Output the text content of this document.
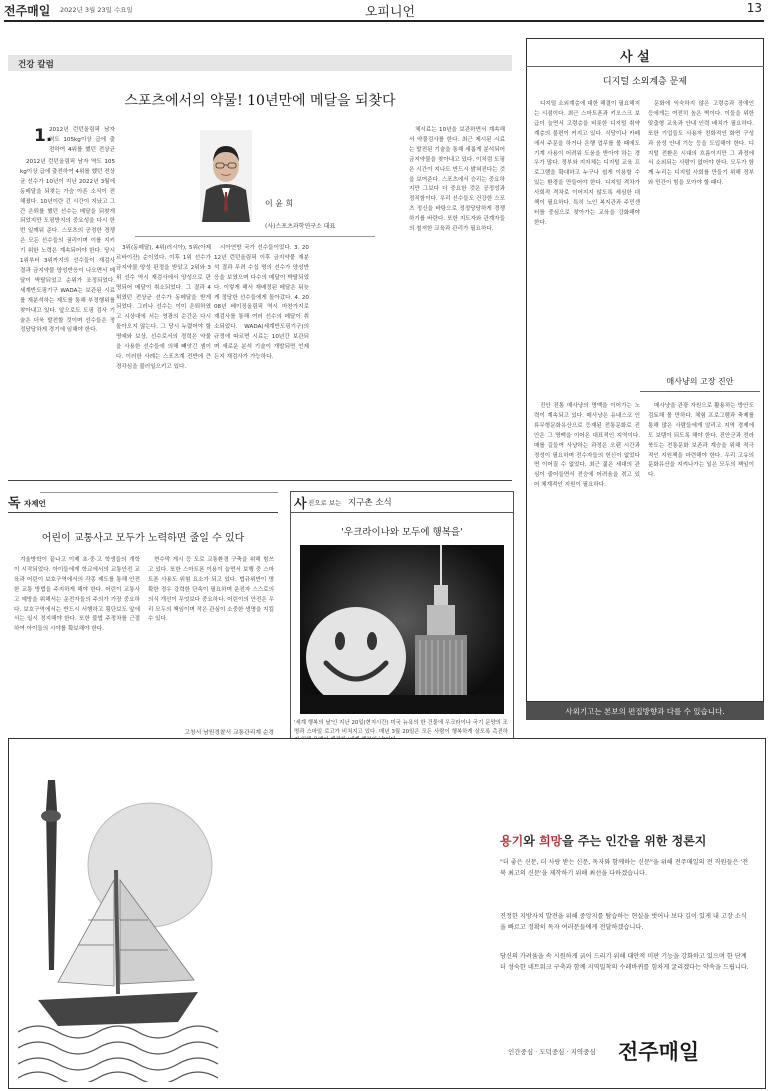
전주매일 2022년 3월 23일 수요일	오피니언	13
건강 칼럼
스포츠에서의 약물! 10년만에 메달을 되찾다
1.

2012년 런던올림픽 남자 역도 105kg이상 급에 출전하여 4위를 했던 전상균

2012년 런던올림픽 남자 역도 105kg이상 급에 출전하여 4위를 했던 전상균 선수가 10년이 지난 2022년 3월에 동메달을 되찾는 가슴 아픈 소식이 전해졌다. 10년이란 긴 시간이 지났고 그간 은퇴를 했던 선수는 메달을 되찾게 되었지만 도핑방지의 중요성을 다시 한번 일깨워 준다. 스포츠의 공정한 경쟁은 모든 선수들의 권리이며 이를 지키기 위한 노력은 계속되어야 한다. 당시 1위부터 3위까지의 선수들이 재검사 결과 금지약물 양성반응이 나오면서 메달이 박탈되었고 순위가 조정되었다. 세계반도핑기구 WADA는 보관된 시료를 재분석하는 제도를 통해 부정행위를 찾아내고 있다. 앞으로도 도핑 검사 기술은 더욱 발전할 것이며 선수들은 정정당당하게 경기에 임해야 한다.

이 윤 희
(사)스포츠과학연구소 대표

3위(동메달), 4위(러시아), 5위(아제르바이잔) 순이었다. 이후 1위 선수가 금지약물 양성 판정을 받았고 2위와 3위 선수 역시 재검사에서 양성으로 판명되어 메달이 취소되었다. 그 결과 4위였던 전상균 선수가 동메달을 받게 되었다. 그러나 선수는 이미 은퇴하였고 시상대에 서는 영광의 순간은 다시 돌아오지 않는다. 그 당시 누렸어야 할 명예와 보상, 선수로서의 경력은 약물을 사용한 선수들에 의해 빼앗긴 셈이다. 이러한 사례는 스포츠계 전반에 큰 경각심을 불러일으키고 있다.

시아연방 국가 선수들이었다. 3. 2012년 런던올림픽 이후 금지약물 재분석 결과 무려 수십 명의 선수가 양성반응을 보였으며 다수의 메달이 박탈되었다. 이렇게 해서 재배정된 메달은 뒤늦게 정당한 선수들에게 돌아갔다. 4. 2008년 베이징올림픽 역시 마찬가지로 재검사를 통해 여러 선수의 메달이 취소되었다. WADA(세계반도핑기구)의 규정에 따르면 시료는 10년간 보관되며 새로운 분석 기술이 개발되면 언제든지 재검사가 가능하다.

체시료는 10년을 보관하면서 계속해서 약물검사를 한다. 최근 제시된 시료는 발전된 기술을 통해 새롭게 분석되어 금지약물을 찾아내고 있다. 이처럼 도핑은 시간이 지나도 반드시 밝혀진다는 것을 보여준다. 스포츠에서 승리는 중요하지만 그보다 더 중요한 것은 공정성과 정직함이다. 우리 선수들도 건강한 스포츠 정신을 바탕으로 정정당당하게 경쟁하기를 바란다. 또한 지도자와 관계자들의 철저한 교육과 관리가 필요하다.

사 설
디지털 소외계층 문제

디지털 소외계층에 대한 해결이 필요해지는 시점이다. 최근 스마트폰과 키오스크 보급이 늘면서 고령층을 비롯한 디지털 취약계층의 불편이 커지고 있다. 식당이나 카페에서 주문을 하거나 은행 업무를 볼 때에도 기계 사용이 어려워 도움을 받아야 하는 경우가 많다. 정부와 지자체는 디지털 교육 프로그램을 확대하고 누구나 쉽게 이용할 수 있는 환경을 만들어야 한다. 디지털 격차가 사회적 격차로 이어지지 않도록 세심한 대책이 필요하다. 특히 노인 복지관과 주민센터를 중심으로 찾아가는 교육을 강화해야 한다.

문화에 익숙하지 않은 고령층과 장애인 등에게는 여전히 높은 벽이다. 이들을 위한 맞춤형 교육과 안내 인력 배치가 필요하다. 또한 기업들도 사용자 친화적인 화면 구성과 음성 안내 기능 등을 도입해야 한다. 디지털 전환은 시대의 흐름이지만 그 과정에서 소외되는 사람이 없어야 한다. 모두가 함께 누리는 디지털 사회를 만들기 위해 정부와 민간이 힘을 모아야 할 때다.

매사냥의 고장 진안

진안 전통 매사냥의 명맥을 이어가는 노력이 계속되고 있다. 매사냥은 유네스코 인류무형문화유산으로 등재된 전통문화로 진안은 그 명맥을 이어온 대표적인 지역이다. 매를 길들여 사냥하는 과정은 오랜 시간과 정성이 필요하며 전수자들의 헌신이 없었다면 이어질 수 없었다. 최근 젊은 세대의 관심이 줄어들면서 전승에 어려움을 겪고 있어 체계적인 지원이 필요하다.

매사냥을 관광 자원으로 활용하는 방안도 검토해 볼 만하다. 체험 프로그램과 축제를 통해 많은 사람들에게 알리고 지역 경제에도 보탬이 되도록 해야 한다. 진안군과 전라북도는 전통문화 보존과 계승을 위해 적극적인 지원책을 마련해야 한다. 우리 고유의 문화유산을 지켜나가는 일은 모두의 책임이다.

사외기고는 본보의 편집방향과 다를 수 있습니다.
독 자제언
어린이 교통사고 모두가 노력하면 줄일 수 있다

겨울방학이 끝나고 이제 초·중·고 학생들의 개학이 시작되었다. 아이들에게 학교에서의 교통안전 교육과 어린이 보호구역에서의 각종 제도를 통해 안전한 교통 방법을 주지하게 해야 한다. 어린이 교통사고 예방을 위해서는 운전자들의 주의가 가장 중요하다. 보호구역에서는 반드시 서행하고 횡단보도 앞에서는 일시 정지해야 한다. 또한 불법 주정차를 근절하여 아이들의 시야를 확보해야 한다.

현수막 게시 등 도로 교통환경 구축을 위해 힘쓰고 있다. 또한 스마트폰 이용이 늘면서 보행 중 스마트폰 사용도 위험 요소가 되고 있다. 법규위반이 명확한 경우 강력한 단속이 필요하며 운전자 스스로의 의식 개선이 무엇보다 중요하다. 어린이의 안전은 우리 모두의 책임이며 작은 관심이 소중한 생명을 지킬 수 있다.

고창서 남원경찰서 교통관리계 순경
사 진으로 보는 지구촌 소식
'우크라이나와 모두에 행복을'

'세계 행복의 날'인 지난 20일(현지시간) 미국 뉴욕의 한 건물에 우크라이나 국기 문양의 조명과 스마일 로고가 비쳐지고 있다. 매년 3월 20일은 모든 사람이 행복하게 살도록 촉진하

용기와 희망을 주는 인간을 위한 정론지
"더 좋은 신문, 더 사랑 받는 신문, 독자와 함께하는 신문"을 위해 전주매일의 전 직원들은 '전북 최고의 신문'을 제작하기 위해 최선을 다하겠습니다.
진정한 지방자치 발전을 위해 중앙지를 탐습하는 현실을 벗어나 보다 깊이 있게 내 고장 소식을 빠르고 정확히 독자 여러분들에게 전달하겠습니다.
당신의 가려움을 속 시원하게 긁어 드리기 위해 대안적 미판 기능을 강화하고 있으며 한 단계 더 성숙한 네트워크 구축과 함께 지역밀착의 수레바퀴를 힘차게 굴리겠다는 약속을 드립니다.
인간중심 · 도덕중심 · 지역중심 전주매일
